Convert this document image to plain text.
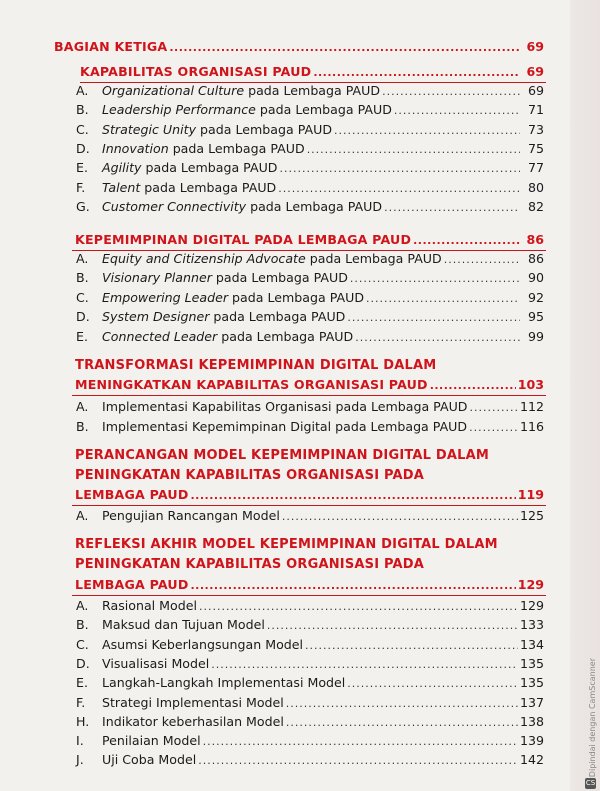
BAGIAN KETIGA .....	69
KAPABILITAS ORGANISASI PAUD .....	69
A. Organizational Culture pada Lembaga PAUD .....	69
B. Leadership Performance pada Lembaga PAUD .....	71
C. Strategic Unity pada Lembaga PAUD .....	73
D. Innovation pada Lembaga PAUD .....	75
E. Agility pada Lembaga PAUD .....	77
F. Talent pada Lembaga PAUD .....	80
G. Customer Connectivity pada Lembaga PAUD .....	82
KEPEMIMPINAN DIGITAL PADA LEMBAGA PAUD .....	86
A. Equity and Citizenship Advocate pada Lembaga PAUD .....	86
B. Visionary Planner pada Lembaga PAUD .....	90
C. Empowering Leader pada Lembaga PAUD .....	92
D. System Designer pada Lembaga PAUD .....	95
E. Connected Leader pada Lembaga PAUD .....	99
TRANSFORMASI KEPEMIMPINAN DIGITAL DALAM
MENINGKATKAN KAPABILITAS ORGANISASI PAUD .....	103
A. Implementasi Kapabilitas Organisasi pada Lembaga PAUD .....	112
B. Implementasi Kepemimpinan Digital pada Lembaga PAUD .....	116
PERANCANGAN MODEL KEPEMIMPINAN DIGITAL DALAM
PENINGKATAN KAPABILITAS ORGANISASI PADA
LEMBAGA PAUD .....	119
A. Pengujian Rancangan Model .....	125
REFLEKSI AKHIR MODEL KEPEMIMPINAN DIGITAL DALAM
PENINGKATAN KAPABILITAS ORGANISASI PADA
LEMBAGA PAUD .....	129
A. Rasional Model .....	129
B. Maksud dan Tujuan Model .....	133
C. Asumsi Keberlangsungan Model .....	134
D. Visualisasi Model .....	135
E. Langkah-Langkah Implementasi Model .....	135
F. Strategi Implementasi Model .....	137
H. Indikator keberhasilan Model .....	138
I. Penilaian Model .....	139
J. Uji Coba Model .....	142	Dipindai dengan CamScanner
CS
